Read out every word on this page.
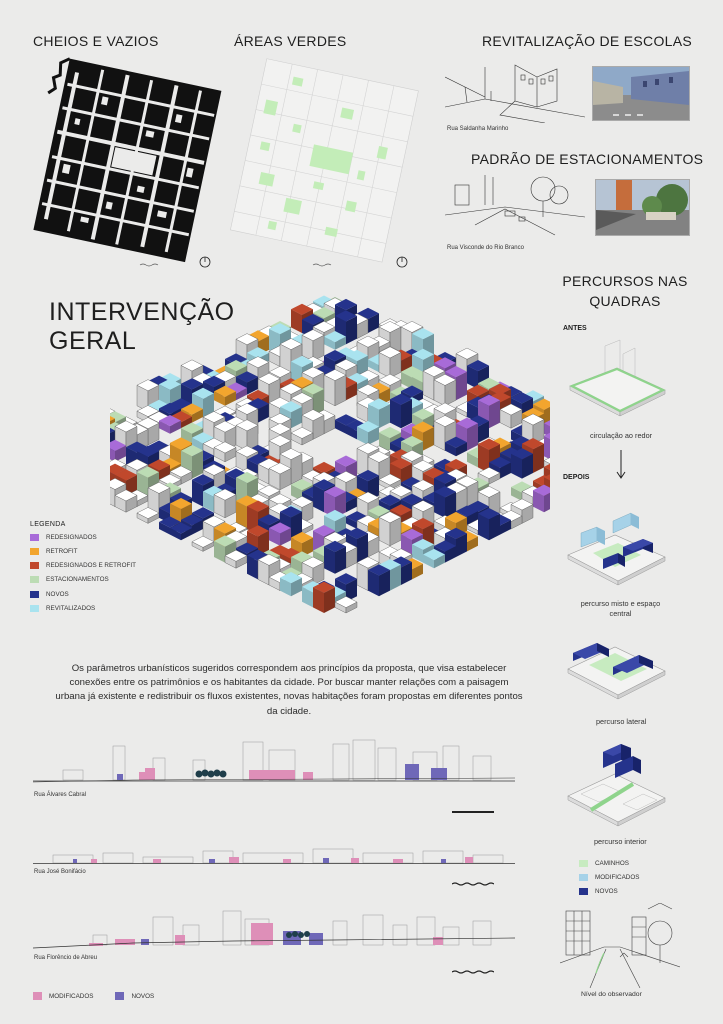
CHEIOS E VAZIOS	ÁREAS VERDES	REVITALIZAÇÃO DE ESCOLAS
PADRÃO DE ESTACIONAMENTOS
Rua Saldanha Marinho
Rua Visconde do Rio Branco
INTERVENÇÃO GERAL
LEGENDA
REDESIGNADOS
RETROFIT
REDESIGNADOS E RETROFIT
ESTACIONAMENTOS
NOVOS
REVITALIZADOS
Os parâmetros urbanísticos sugeridos correspondem aos princípios da proposta, que visa estabelecer conexões entre os patrimônios e os habitantes da cidade. Por buscar manter relações com a paisagem urbana já existente e redistribuir os fluxos existentes, novas habitações foram propostas em diferentes pontos da cidade.
PERCURSOS NAS QUADRAS
ANTES
circulação ao redor
DEPOIS
percurso misto e espaço central
percurso lateral
percurso interior
CAMINHOS
MODIFICADOS
NOVOS
Nível do observador
Rua Álvares Cabral
Rua José Bonifácio
Rua Florêncio de Abreu
MODIFICADOS	NOVOS
